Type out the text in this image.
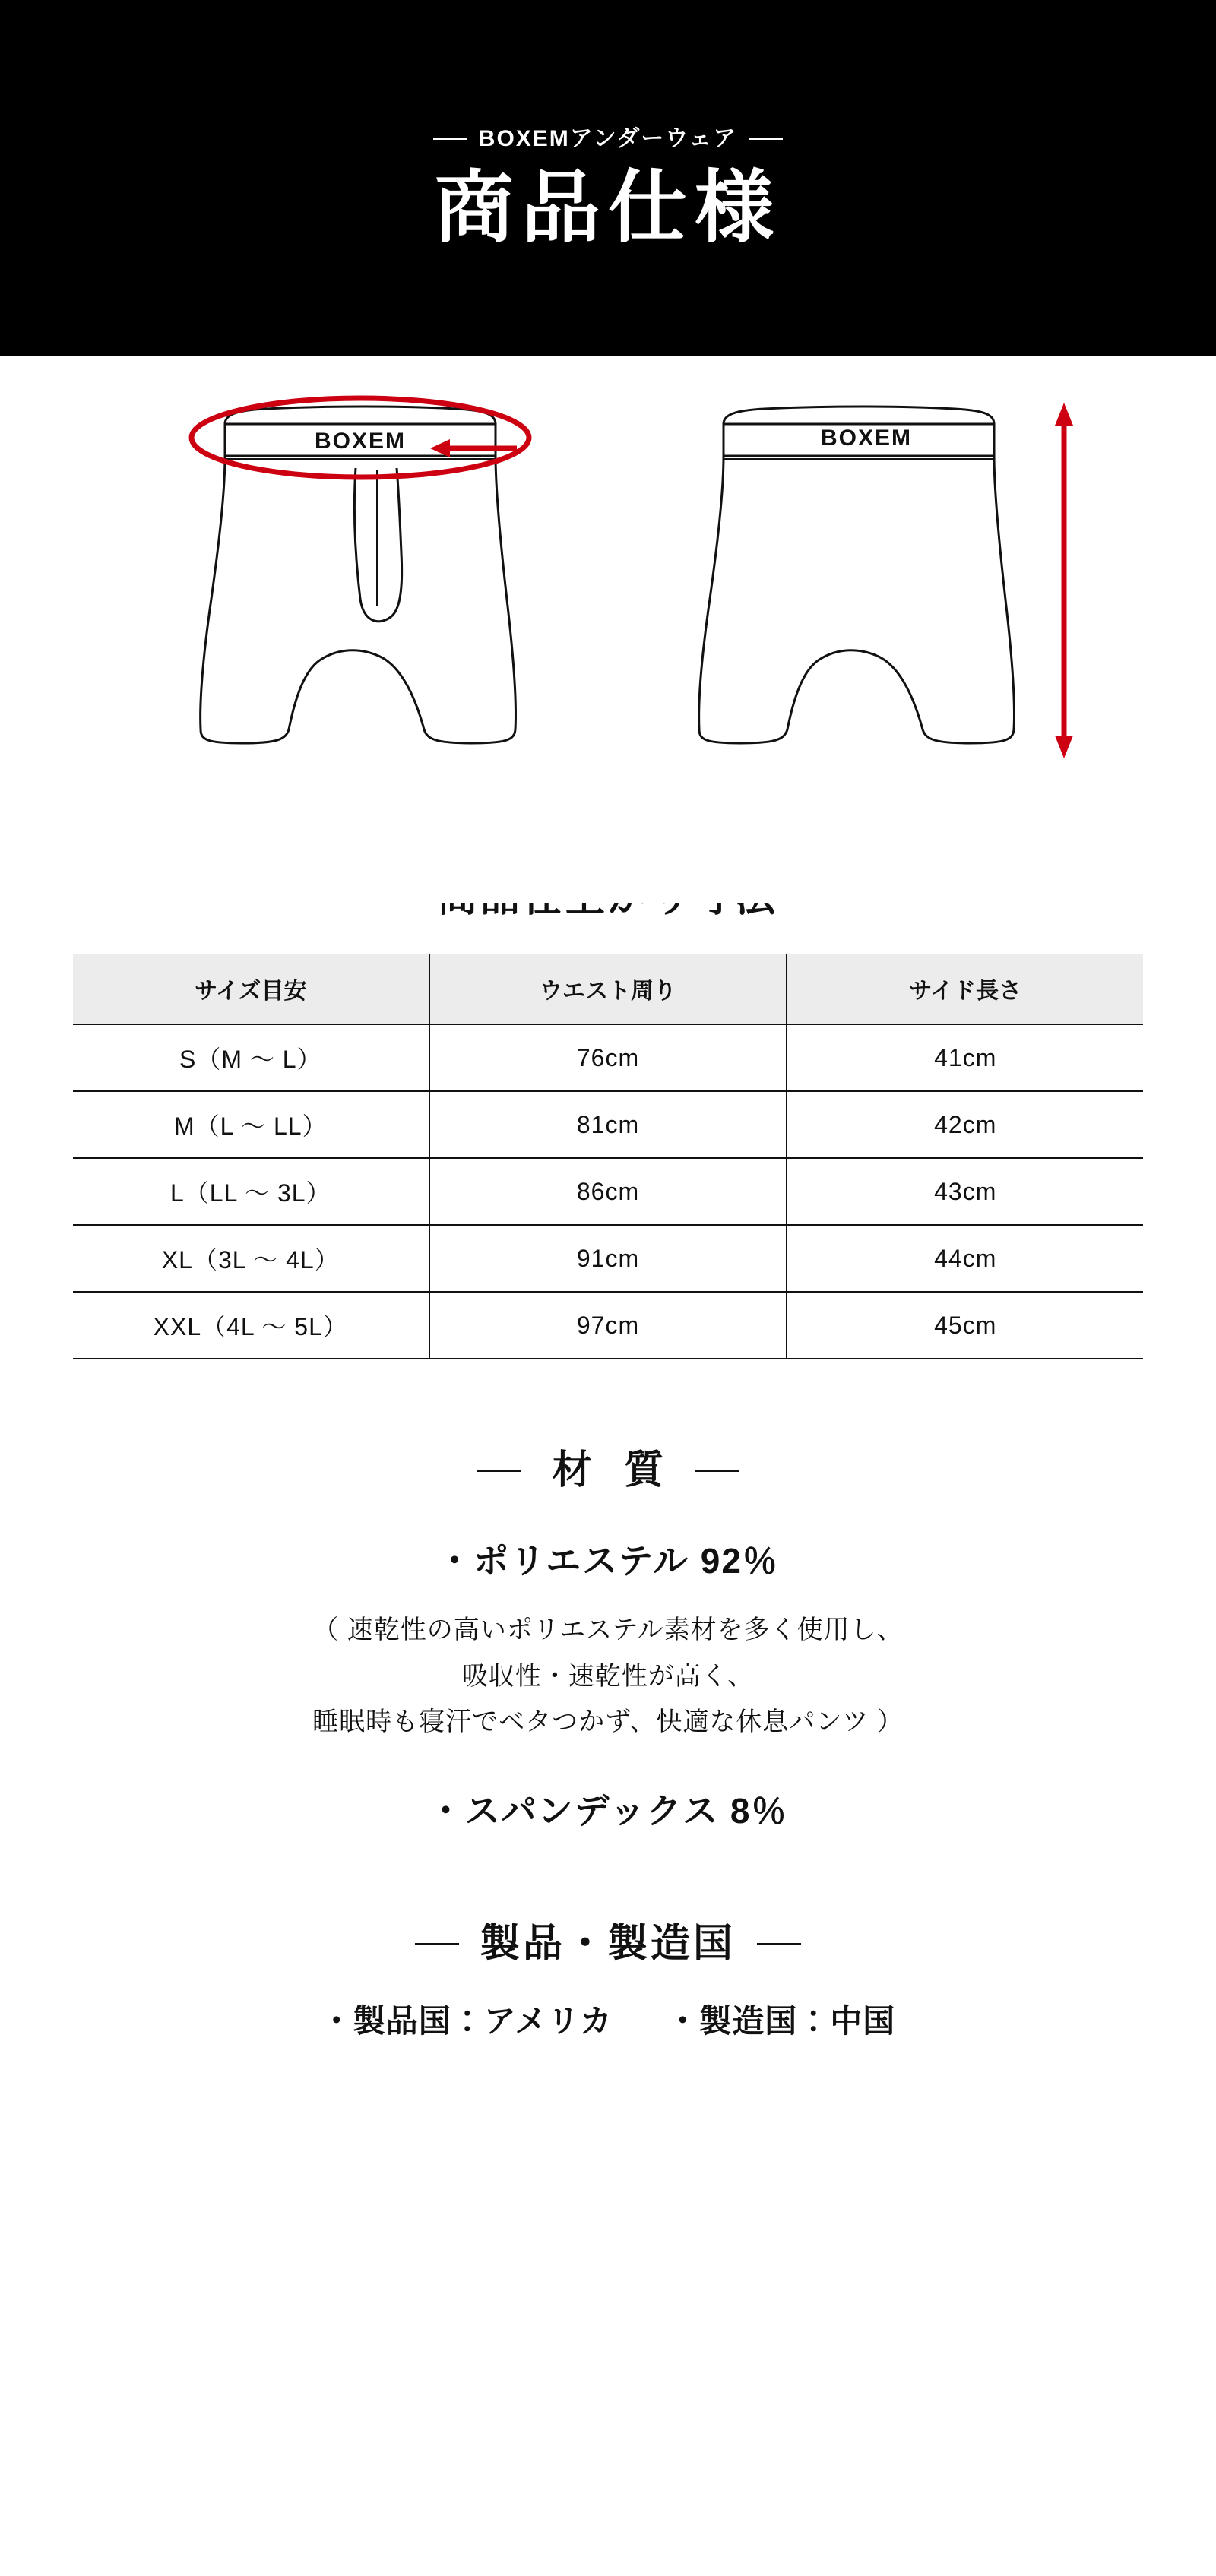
BOXEMアンダーウェア
商品仕様
BOXEM	BOXEM
サイズ目安	ウエスト周り	サイド長さ
S（M 〜 L）	76cm	41cm
M（L 〜 LL）	81cm	42cm
L（LL 〜 3L）	86cm	43cm
XL（3L 〜 4L）	91cm	44cm
XXL（4L 〜 5L）	97cm	45cm
材 質

・ポリエステル 92％

（ 速乾性の高いポリエステル素材を多く使用し、
吸収性・速乾性が高く、
睡眠時も寝汗でベタつかず、快適な休息パンツ ）

・スパンデックス 8％

製品・製造国
・製品国：アメリカ ・製造国：中国
